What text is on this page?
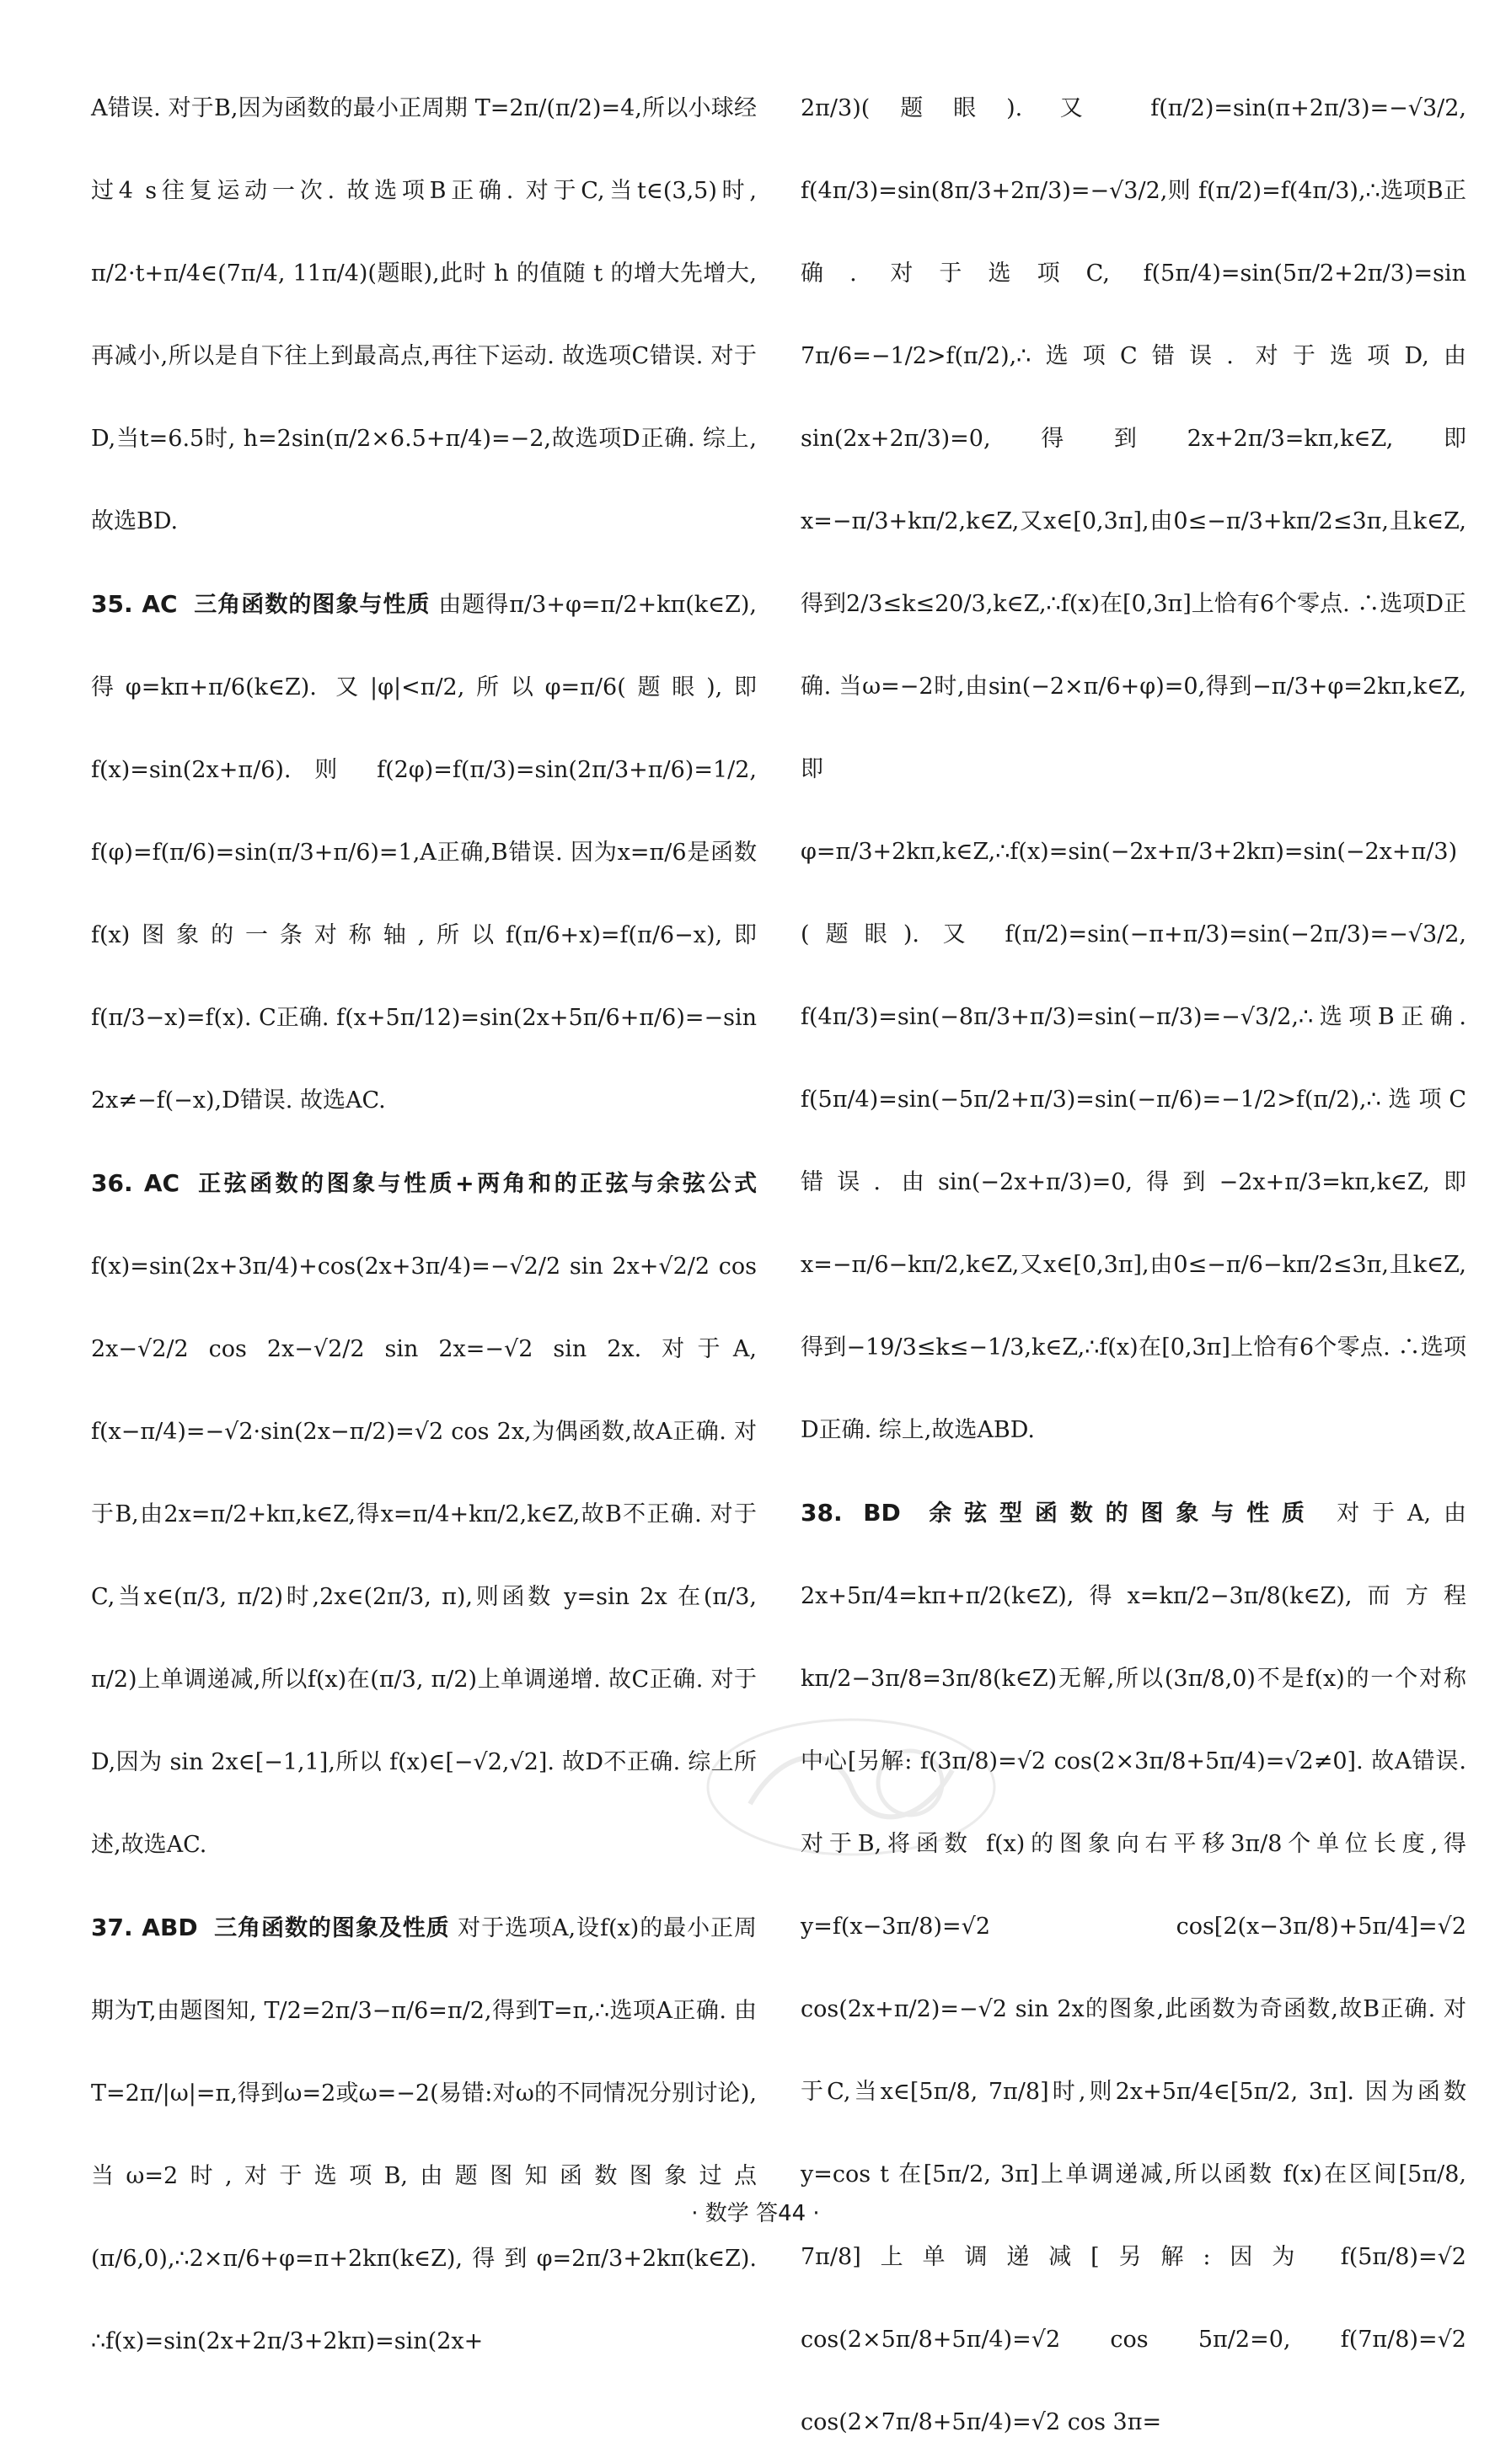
A错误. 对于B,因为函数的最小正周期 T=2π/(π/2)=4,所以小球经过4 s往复运动一次. 故选项B正确. 对于C,当t∈(3,5)时, π/2·t+π/4∈(7π/4, 11π/4)(题眼),此时 h 的值随 t 的增大先增大,再减小,所以是自下往上到最高点,再往下运动. 故选项C错误. 对于D,当t=6.5时, h=2sin(π/2×6.5+π/4)=−2,故选项D正确. 综上,故选BD.

35. AC 三角函数的图象与性质 由题得π/3+φ=π/2+kπ(k∈Z),得φ=kπ+π/6(k∈Z). 又|φ|<π/2,所以φ=π/6(题眼),即 f(x)=sin(2x+π/6). 则 f(2φ)=f(π/3)=sin(2π/3+π/6)=1/2, f(φ)=f(π/6)=sin(π/3+π/6)=1,A正确,B错误. 因为x=π/6是函数f(x)图象的一条对称轴,所以f(π/6+x)=f(π/6−x),即f(π/3−x)=f(x). C正确. f(x+5π/12)=sin(2x+5π/6+π/6)=−sin 2x≠−f(−x),D错误. 故选AC.

36. AC 正弦函数的图象与性质+两角和的正弦与余弦公式 f(x)=sin(2x+3π/4)+cos(2x+3π/4)=−√2/2 sin 2x+√2/2 cos 2x−√2/2 cos 2x−√2/2 sin 2x=−√2 sin 2x. 对于A, f(x−π/4)=−√2·sin(2x−π/2)=√2 cos 2x,为偶函数,故A正确. 对于B,由2x=π/2+kπ,k∈Z,得x=π/4+kπ/2,k∈Z,故B不正确. 对于C,当x∈(π/3, π/2)时,2x∈(2π/3, π),则函数 y=sin 2x 在(π/3, π/2)上单调递减,所以f(x)在(π/3, π/2)上单调递增. 故C正确. 对于D,因为 sin 2x∈[−1,1],所以 f(x)∈[−√2,√2]. 故D不正确. 综上所述,故选AC.

37. ABD 三角函数的图象及性质 对于选项A,设f(x)的最小正周期为T,由题图知, T/2=2π/3−π/6=π/2,得到T=π,∴选项A正确. 由T=2π/|ω|=π,得到ω=2或ω=−2(易错:对ω的不同情况分别讨论),当ω=2时,对于选项B,由题图知函数图象过点(π/6,0),∴2×π/6+φ=π+2kπ(k∈Z),得到φ=2π/3+2kπ(k∈Z). ∴f(x)=sin(2x+2π/3+2kπ)=sin(2x+

2π/3)(题眼). 又 f(π/2)=sin(π+2π/3)=−√3/2, f(4π/3)=sin(8π/3+2π/3)=−√3/2,则 f(π/2)=f(4π/3),∴选项B正确. 对于选项C, f(5π/4)=sin(5π/2+2π/3)=sin 7π/6=−1/2>f(π/2),∴选项C错误. 对于选项D,由sin(2x+2π/3)=0,得到2x+2π/3=kπ,k∈Z,即x=−π/3+kπ/2,k∈Z,又x∈[0,3π],由0≤−π/3+kπ/2≤3π,且k∈Z,得到2/3≤k≤20/3,k∈Z,∴f(x)在[0,3π]上恰有6个零点. ∴选项D正确. 当ω=−2时,由sin(−2×π/6+φ)=0,得到−π/3+φ=2kπ,k∈Z,即φ=π/3+2kπ,k∈Z,∴f(x)=sin(−2x+π/3+2kπ)=sin(−2x+π/3)(题眼). 又 f(π/2)=sin(−π+π/3)=sin(−2π/3)=−√3/2, f(4π/3)=sin(−8π/3+π/3)=sin(−π/3)=−√3/2,∴选项B正确. f(5π/4)=sin(−5π/2+π/3)=sin(−π/6)=−1/2>f(π/2),∴选项C错误. 由sin(−2x+π/3)=0,得到−2x+π/3=kπ,k∈Z,即x=−π/6−kπ/2,k∈Z,又x∈[0,3π],由0≤−π/6−kπ/2≤3π,且k∈Z,得到−19/3≤k≤−1/3,k∈Z,∴f(x)在[0,3π]上恰有6个零点. ∴选项D正确. 综上,故选ABD.

38. BD 余弦型函数的图象与性质 对于A,由2x+5π/4=kπ+π/2(k∈Z),得x=kπ/2−3π/8(k∈Z),而方程kπ/2−3π/8=3π/8(k∈Z)无解,所以(3π/8,0)不是f(x)的一个对称中心[另解: f(3π/8)=√2 cos(2×3π/8+5π/4)=√2≠0]. 故A错误. 对于B,将函数 f(x)的图象向右平移3π/8个单位长度,得 y=f(x−3π/8)=√2 cos[2(x−3π/8)+5π/4]=√2 cos(2x+π/2)=−√2 sin 2x的图象,此函数为奇函数,故B正确. 对于C,当x∈[5π/8, 7π/8]时,则2x+5π/4∈[5π/2, 3π]. 因为函数 y=cos t 在[5π/2, 3π]上单调递减,所以函数 f(x)在区间[5π/8, 7π/8]上单调递减[另解:因为 f(5π/8)=√2 cos(2×5π/8+5π/4)=√2 cos 5π/2=0, f(7π/8)=√2 cos(2×7π/8+5π/4)=√2 cos 3π=

· 数学 答44 ·
